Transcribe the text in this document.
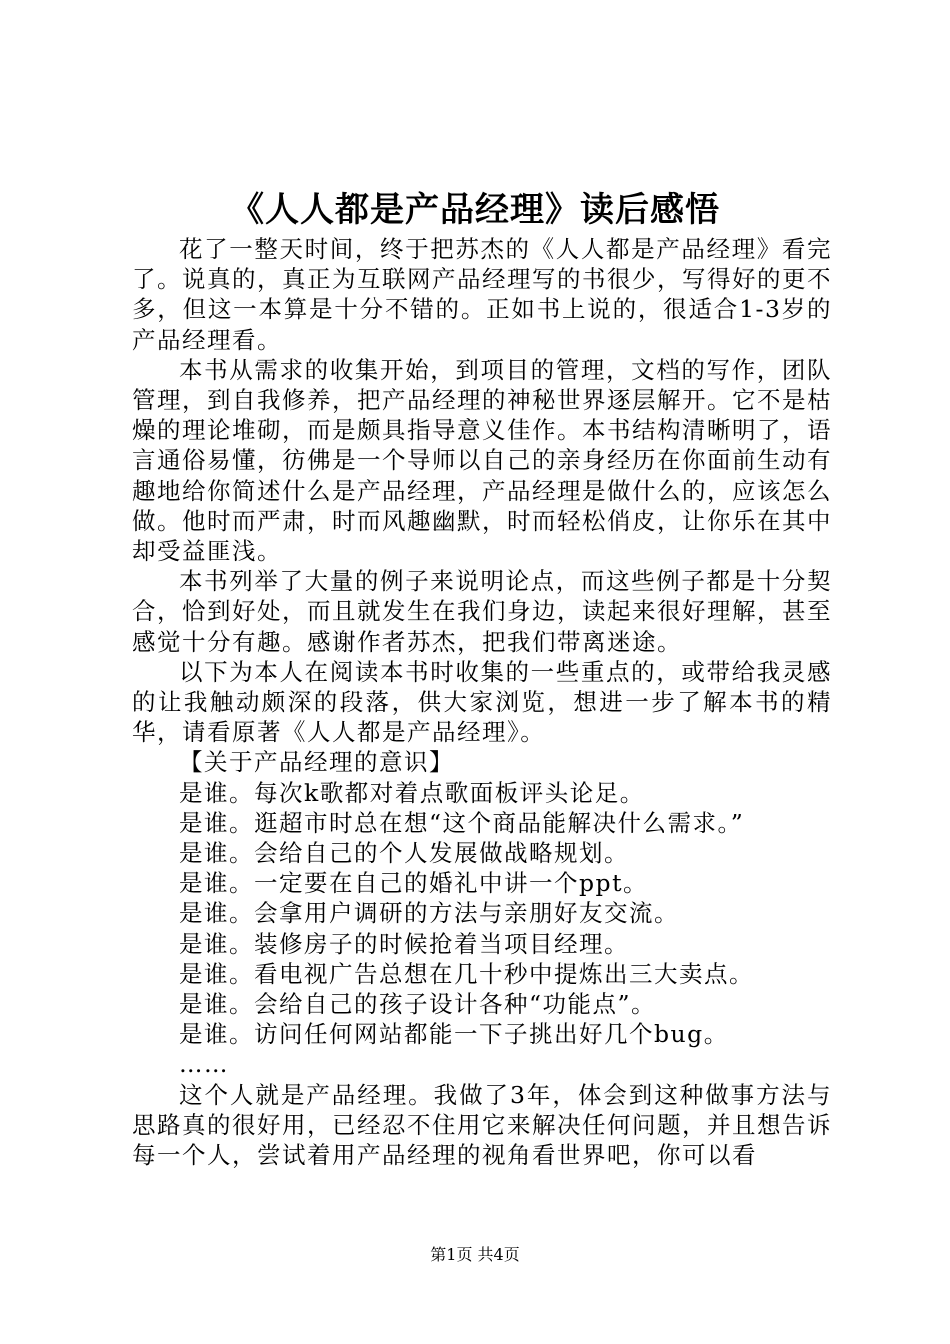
《人人都是产品经理》读后感悟

花了一整天时间，终于把苏杰的《人人都是产品经理》看完了。说真的，真正为互联网产品经理写的书很少，写得好的更不多，但这一本算是十分不错的。正如书上说的，很适合1-3岁的产品经理看。

本书从需求的收集开始，到项目的管理，文档的写作，团队管理，到自我修养，把产品经理的神秘世界逐层解开。它不是枯燥的理论堆砌，而是颇具指导意义佳作。本书结构清晰明了，语言通俗易懂，彷佛是一个导师以自己的亲身经历在你面前生动有趣地给你简述什么是产品经理，产品经理是做什么的，应该怎么做。他时而严肃，时而风趣幽默，时而轻松俏皮，让你乐在其中却受益匪浅。

本书列举了大量的例子来说明论点，而这些例子都是十分契合，恰到好处，而且就发生在我们身边，读起来很好理解，甚至感觉十分有趣。感谢作者苏杰，把我们带离迷途。

以下为本人在阅读本书时收集的一些重点的，或带给我灵感的让我触动颇深的段落，供大家浏览，想进一步了解本书的精华，请看原著《人人都是产品经理》。

【关于产品经理的意识】

是谁。每次k歌都对着点歌面板评头论足。

是谁。逛超市时总在想“这个商品能解决什么需求。”

是谁。会给自己的个人发展做战略规划。

是谁。一定要在自己的婚礼中讲一个ppt。

是谁。会拿用户调研的方法与亲朋好友交流。

是谁。装修房子的时候抢着当项目经理。

是谁。看电视广告总想在几十秒中提炼出三大卖点。

是谁。会给自己的孩子设计各种“功能点”。

是谁。访问任何网站都能一下子挑出好几个bug。

……

这个人就是产品经理。我做了3年，体会到这种做事方法与思路真的很好用，已经忍不住用它来解决任何问题，并且想告诉每一个人，尝试着用产品经理的视角看世界吧，你可以看

第1页 共4页
